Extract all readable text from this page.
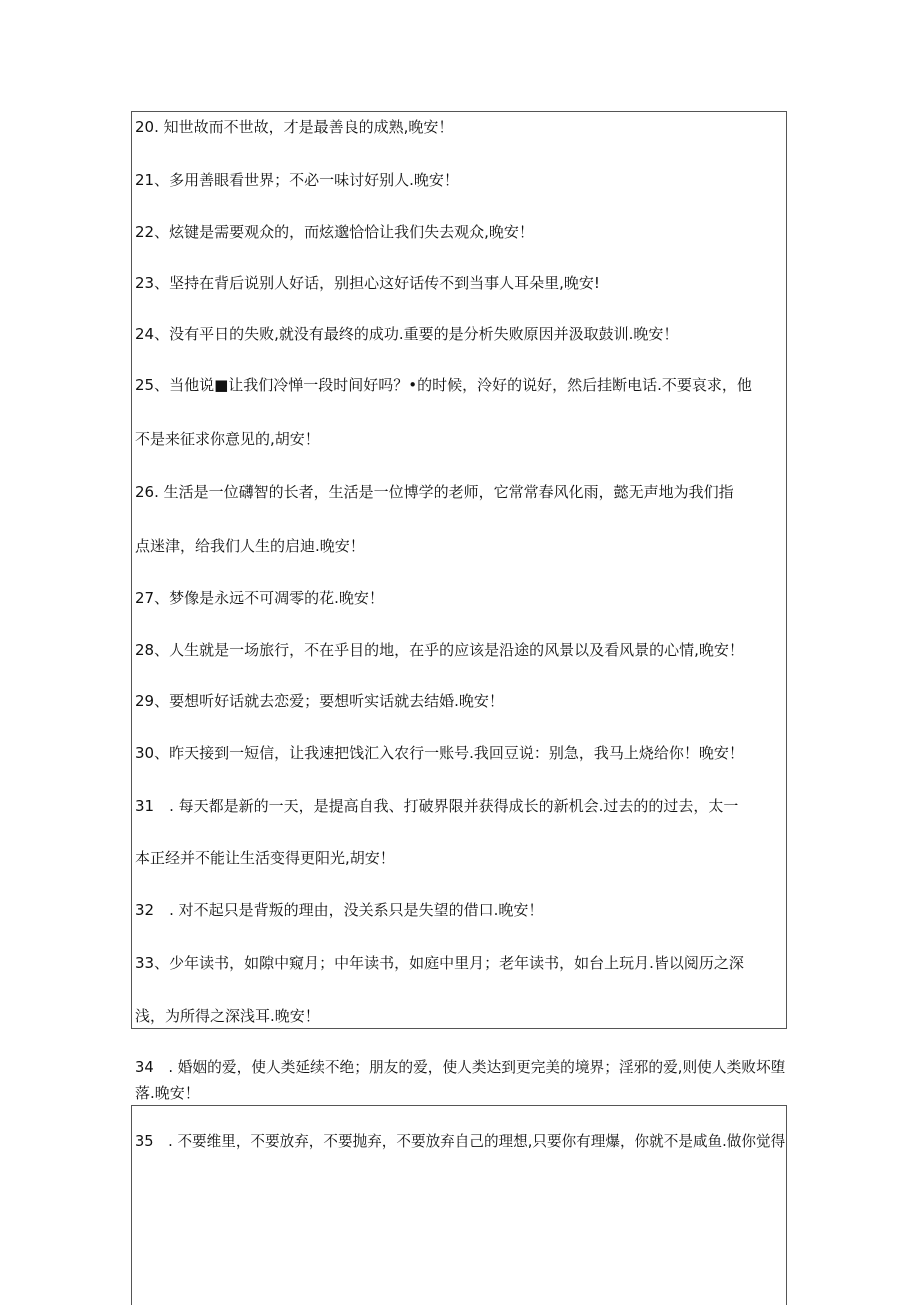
20. 知世故而不世故，才是最善良的成熟,晚安！
21、多用善眼看世界；不必一味讨好别人.晚安！
22、炫键是需要观众的，而炫邈恰恰让我们失去观众,晚安！
23、坚持在背后说别人好话，别担心这好话传不到当事人耳朵里,晚安!
24、没有平日的失败,就没有最终的成功.重要的是分析失败原因并汲取鼓训.晚安！
25、当他说■让我们冷惮一段时间好吗？•的时候，泠好的说好，然后挂断电话.不要哀求，他
不是来征求你意见的,胡安！
26. 生活是一位礴智的长者，生活是一位博学的老师，它常常春风化雨，懿无声地为我们指
点迷津，给我们人生的启迪.晚安！
27、梦像是永远不可凋零的花.晚安！
28、人生就是一场旅行，不在乎目的地，在乎的应该是沿途的风景以及看风景的心情,晚安！
29、要想听好话就去恋爱；要想听实话就去结婚.晚安！
30、昨天接到一短信，让我速把饯汇入农行一账号.我回豆说：别急，我马上烧给你！晚安！
31　. 每天都是新的一天，是提高自我、打破界限并获得成长的新机会.过去的的过去，太一
本正经并不能让生活变得更阳光,胡安！
32　. 对不起只是背叛的理由，没关系只是失望的借口.晚安！
33、少年读书，如隙中窥月；中年读书，如庭中里月；老年读书，如台上玩月.皆以阅历之深
浅，为所得之深浅耳.晚安！
34　. 婚姻的爱，使人类延续不绝；朋友的爱，使人类达到更完美的境界；淫邪的爱,则使人类败坏堕
落.晚安！
35　. 不要维里，不要放弃，不要抛弃，不要放弃自己的理想,只要你有理爆，你就不是咸鱼.做你觉得
